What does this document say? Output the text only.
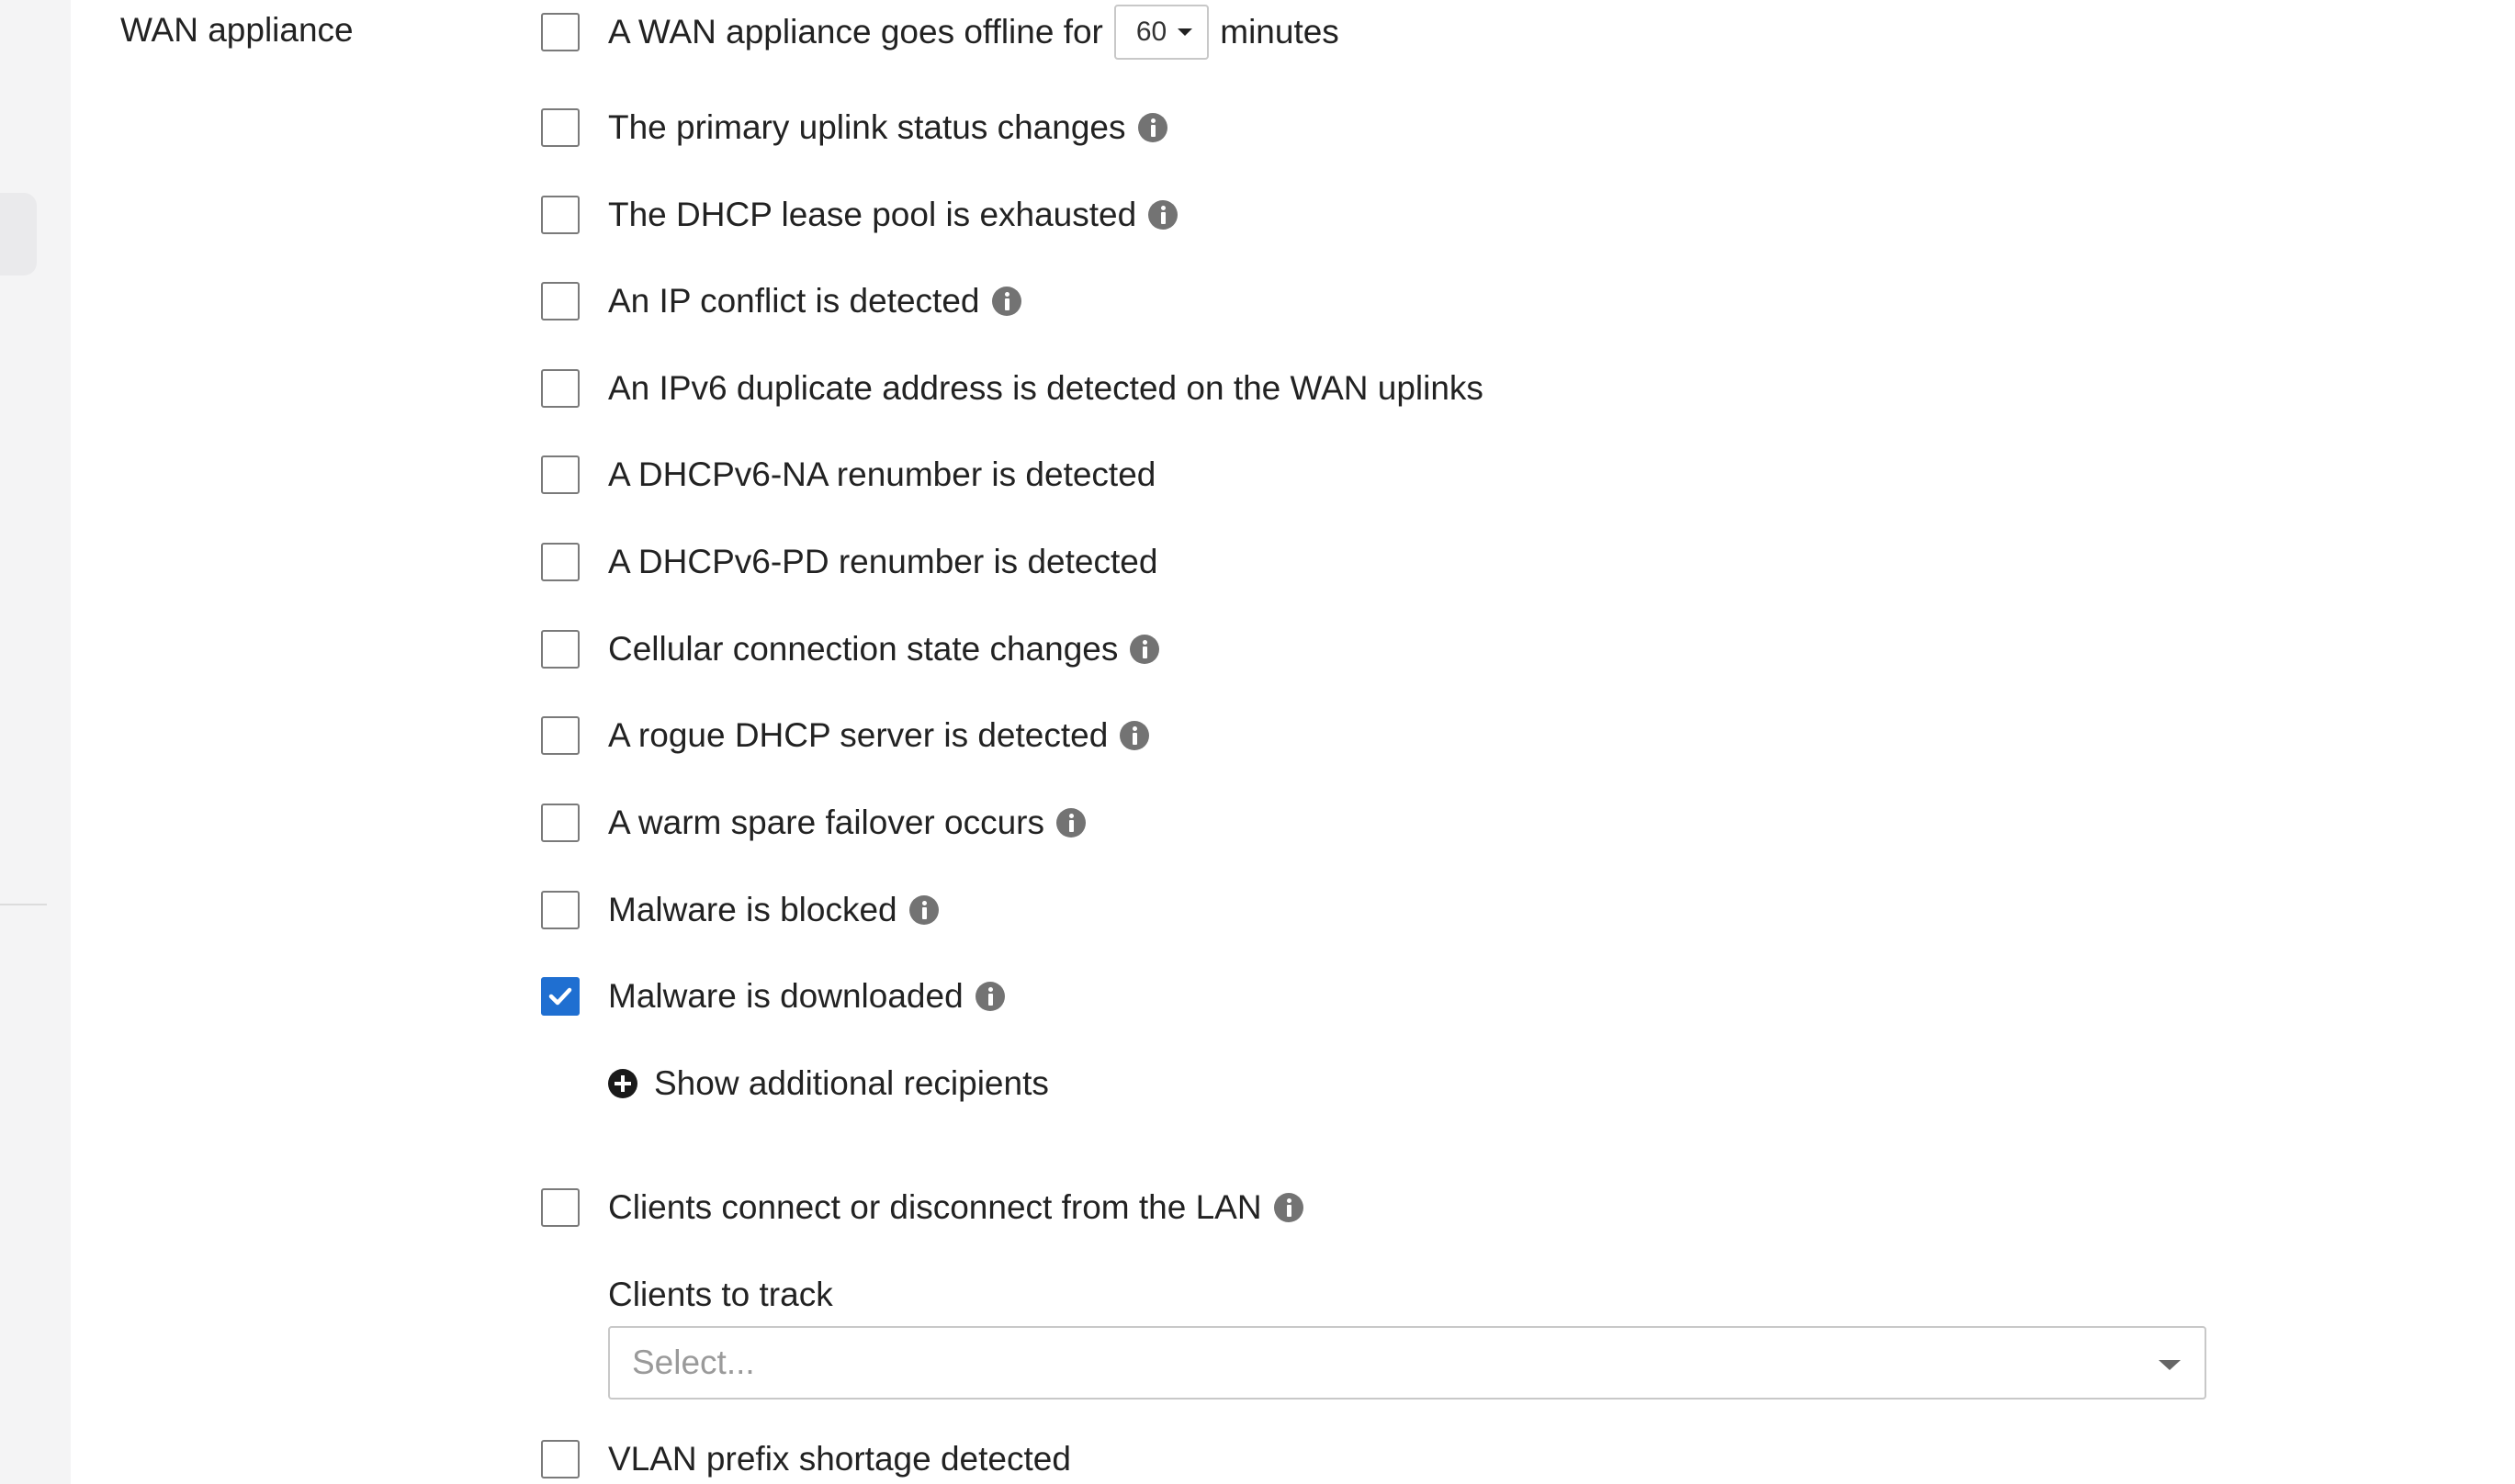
WAN appliance	A WAN appliance goes offline for 60 minutes
The primary uplink status changes
The DHCP lease pool is exhausted
An IP conflict is detected
An IPv6 duplicate address is detected on the WAN uplinks
A DHCPv6-NA renumber is detected
A DHCPv6-PD renumber is detected
Cellular connection state changes
A rogue DHCP server is detected
A warm spare failover occurs
Malware is blocked
Malware is downloaded
Show additional recipients
Clients connect or disconnect from the LAN
Clients to track
Select...
VLAN prefix shortage detected
